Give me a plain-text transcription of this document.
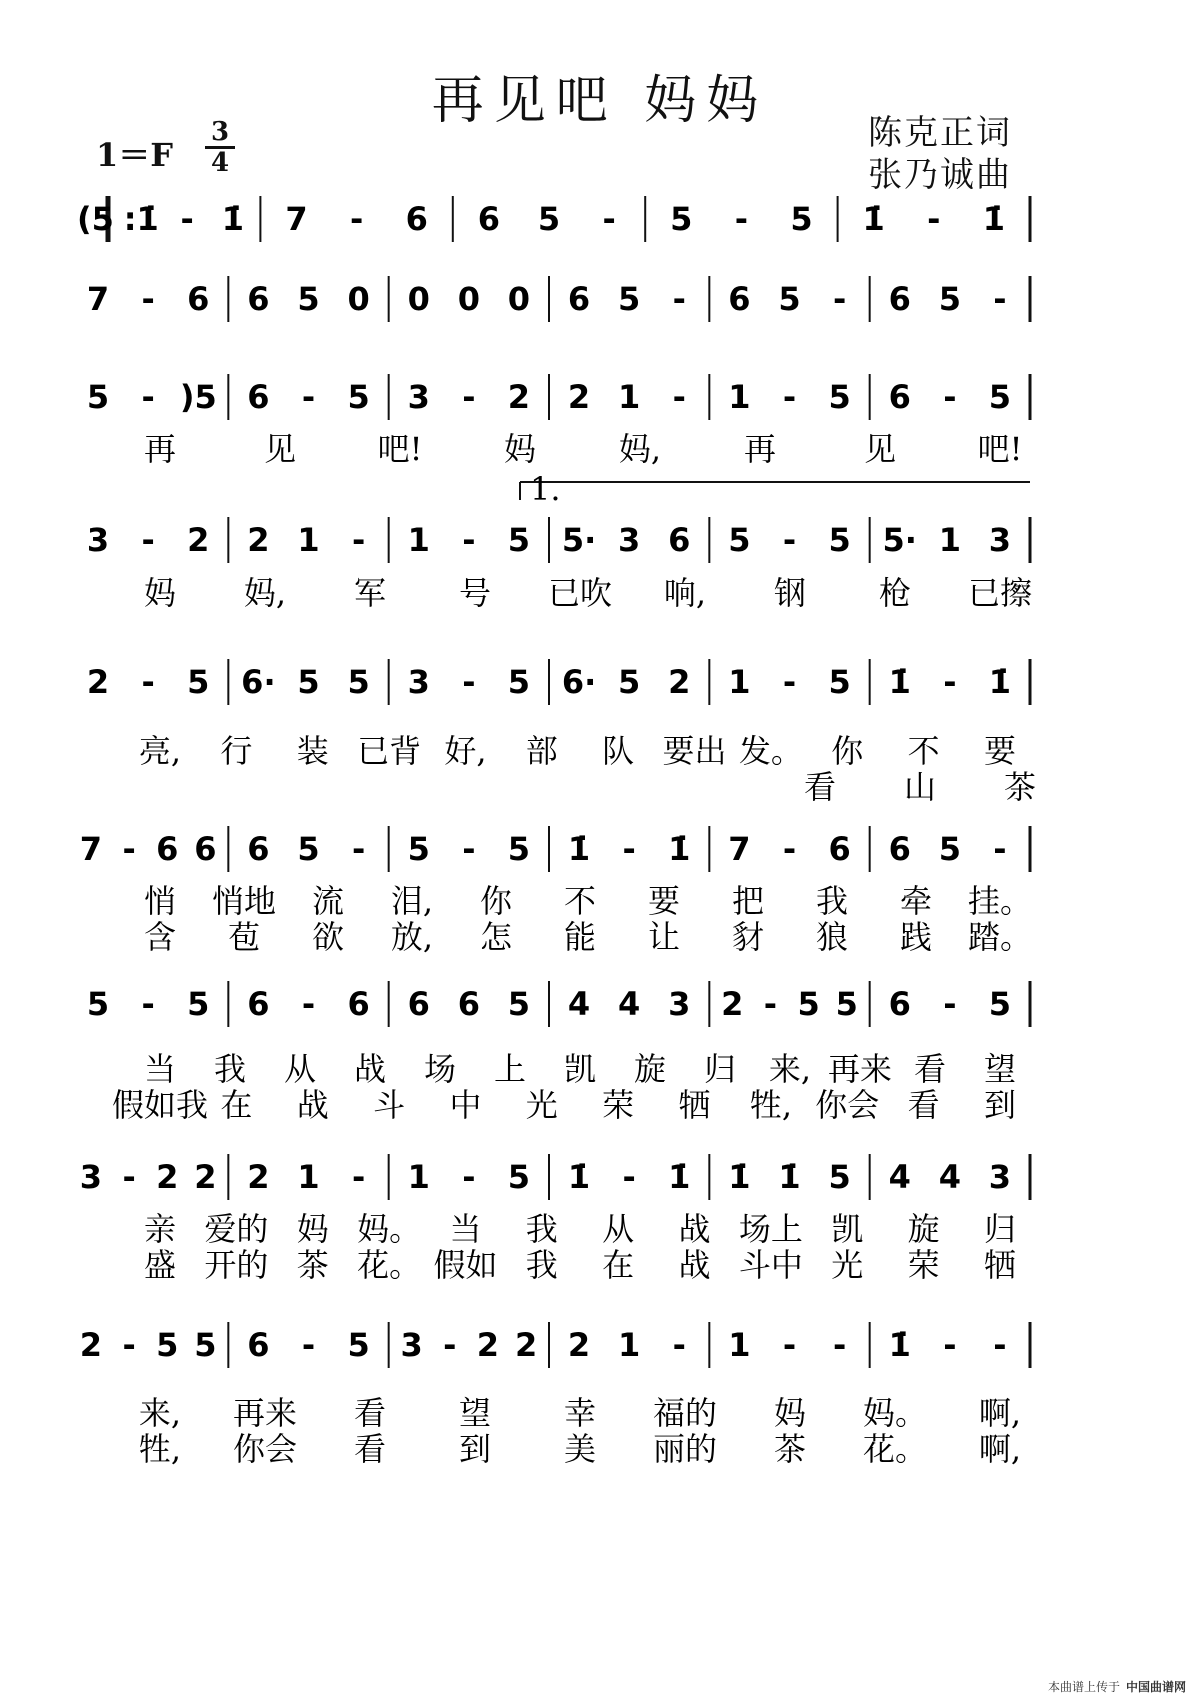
再见吧 妈妈
$1=F \frac{3}{4}$	陈克正词
张乃诚曲
(5 :1̇ - 1̇ 7 - 6 6 5 - 5 - 5 1̇ - 1̇
7 - 6 6 5 0 0 0 0 6 5 - 6 5 - 6 5 -
5 - )5 6 - 5 3 - 2 2 1 - 1 - 5 6 - 5
再	见	吧!	妈	妈,	再	见	吧!
3 - 2 2 1 - 1 - 5 5· 3 6 5 - 5 5· 1 3
妈 妈, 军 号 已吹 响, 钢 枪 已擦
2 - 5 6· 5 5 3 - 5 6· 5 2 1 - 5 1̇ - 1̇
亮, 行 装 已背 好, 部 队 要出 发。 你 不 要
看 山 茶
7 - 6 6 6 5 - 5 - 5 1̇ - 1̇ 7 - 6 6 5 -
悄 悄地 流 泪, 你 不 要 把 我 牵 挂。
含 苞 欲 放, 怎 能 让 豺 狼 践 踏。
5 - 5 6 - 6 6 6 5 4 4 3 2 - 5 5 6 - 5
当 我 从 战 场 上 凯 旋 归 来, 再来 看 望
假如我 在 战 斗 中 光 荣 牺 牲, 你会 看 到
3 - 2 2 2 1 - 1 - 5 1̇ - 1̇ 1̇ 1̇ 5 4 4 3
亲 爱的 妈 妈。 当 我 从 战 场上 凯 旋 归
盛 开的 茶 花。 假如 我 在 战 斗中 光 荣 牺
2 - 5 5 6 - 5 3 - 2 2 2 1 - 1 - - 1̇ - -
来, 再来 看 望 幸 福的 妈 妈。 啊,
牲, 你会 看 到 美 丽的 茶 花。 啊,
1.
本曲谱上传于 中国曲谱网
